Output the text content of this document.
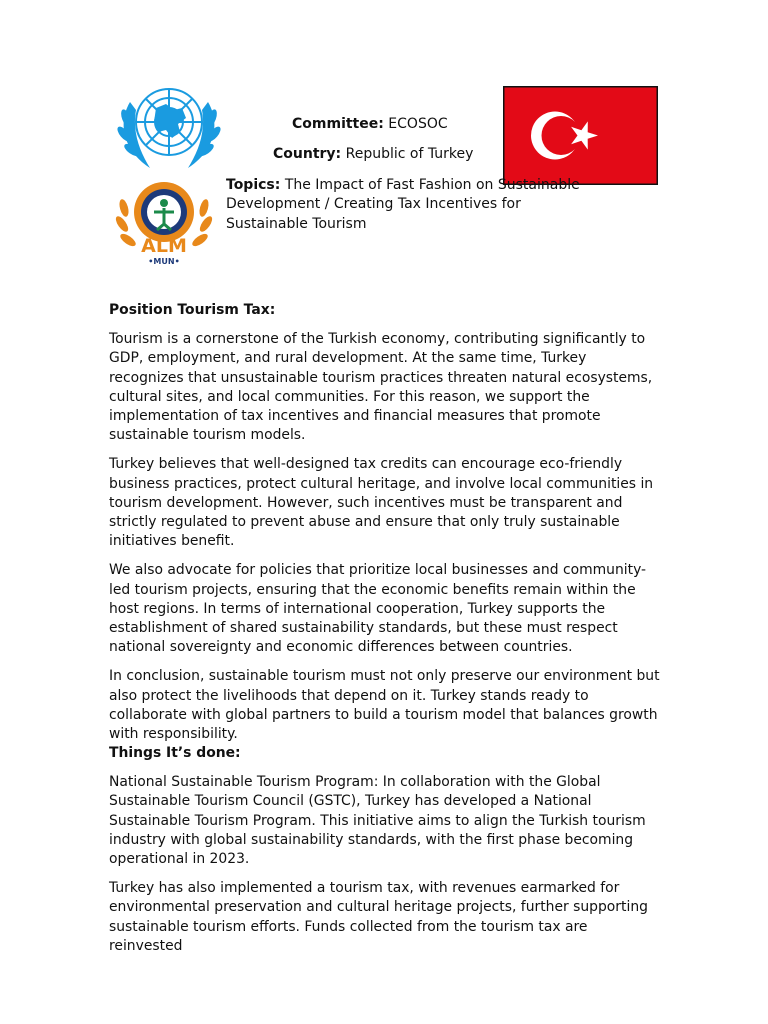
ALM
•MUN•
Committee: ECOSOC
Country: Republic of Turkey
Topics: The Impact of Fast Fashion on Sustainable Development / Creating Tax Incentives for Sustainable Tourism

Position Tourism Tax:

Tourism is a cornerstone of the Turkish economy, contributing significantly to GDP, employment, and rural development. At the same time, Turkey recognizes that unsustainable tourism practices threaten natural ecosystems, cultural sites, and local communities. For this reason, we support the implementation of tax incentives and financial measures that promote sustainable tourism models.

Turkey believes that well-designed tax credits can encourage eco-friendly business practices, protect cultural heritage, and involve local communities in tourism development. However, such incentives must be transparent and strictly regulated to prevent abuse and ensure that only truly sustainable initiatives benefit.

We also advocate for policies that prioritize local businesses and community-led tourism projects, ensuring that the economic benefits remain within the host regions. In terms of international cooperation, Turkey supports the establishment of shared sustainability standards, but these must respect national sovereignty and economic differences between countries.

In conclusion, sustainable tourism must not only preserve our environment but also protect the livelihoods that depend on it. Turkey stands ready to collaborate with global partners to build a tourism model that balances growth with responsibility.

Things It’s done:

National Sustainable Tourism Program: In collaboration with the Global Sustainable Tourism Council (GSTC), Turkey has developed a National Sustainable Tourism Program. This initiative aims to align the Turkish tourism industry with global sustainability standards, with the first phase becoming operational in 2023.

Turkey has also implemented a tourism tax, with revenues earmarked for environmental preservation and cultural heritage projects, further supporting sustainable tourism efforts. Funds collected from the tourism tax are reinvested
